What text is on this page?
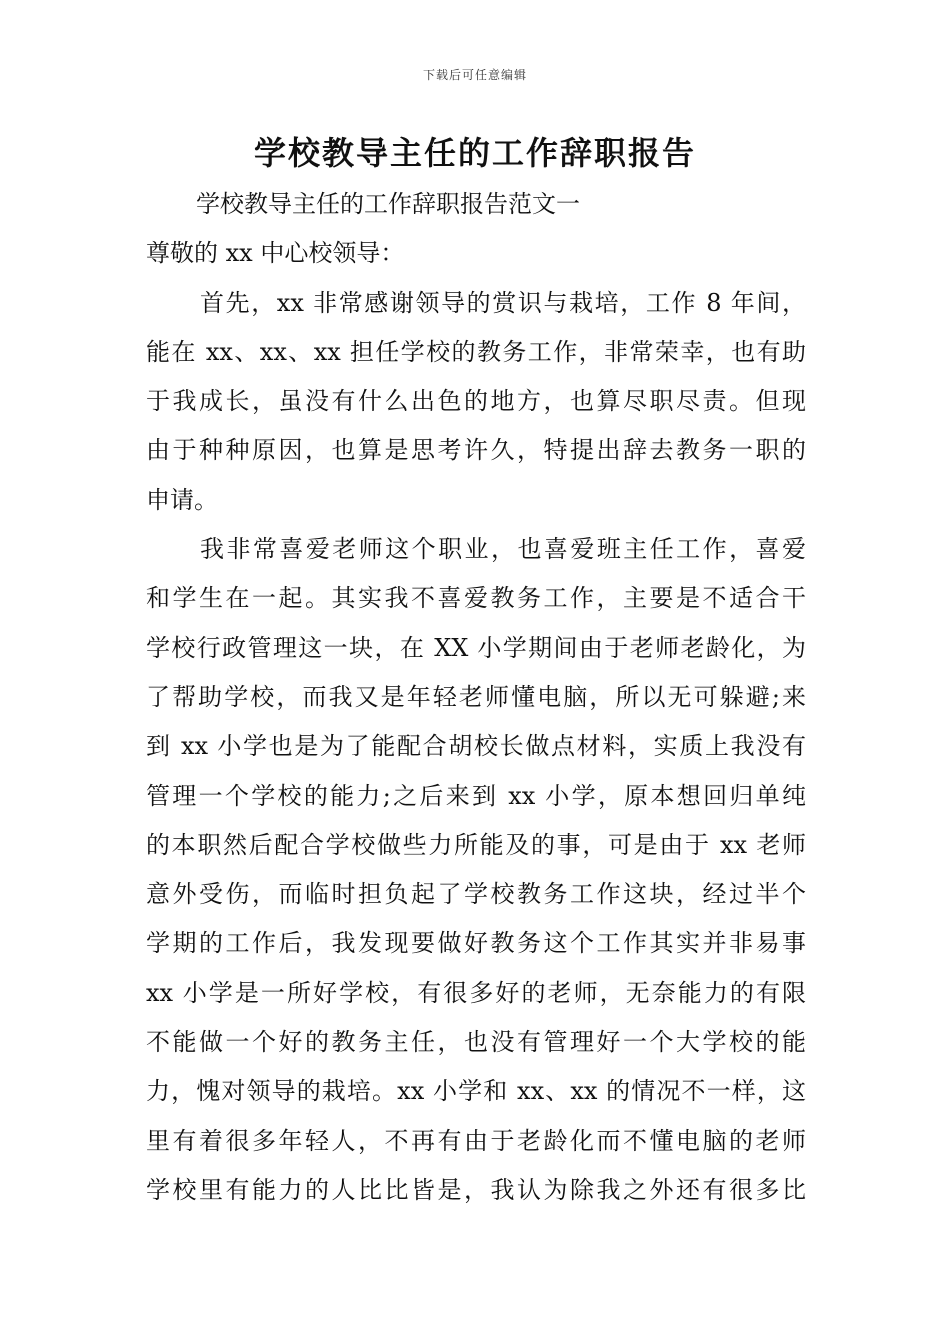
下载后可任意编辑
学校教导主任的工作辞职报告
学校教导主任的工作辞职报告范文一
尊敬的 xx 中心校领导：
首先，xx 非常感谢领导的赏识与栽培，工作 8 年间，
能在 xx、xx、xx 担任学校的教务工作，非常荣幸，也有助
于我成长，虽没有什么出色的地方，也算尽职尽责。但现
由于种种原因，也算是思考许久，特提出辞去教务一职的
申请。
我非常喜爱老师这个职业，也喜爱班主任工作，喜爱
和学生在一起。其实我不喜爱教务工作，主要是不适合干
学校行政管理这一块，在 XX 小学期间由于老师老龄化，为
了帮助学校，而我又是年轻老师懂电脑，所以无可躲避;来
到 xx 小学也是为了能配合胡校长做点材料，实质上我没有
管理一个学校的能力;之后来到 xx 小学，原本想回归单纯
的本职然后配合学校做些力所能及的事，可是由于 xx 老师
意外受伤，而临时担负起了学校教务工作这块，经过半个
学期的工作后，我发现要做好教务这个工作其实并非易事
xx 小学是一所好学校，有很多好的老师，无奈能力的有限
不能做一个好的教务主任，也没有管理好一个大学校的能
力，愧对领导的栽培。xx 小学和 xx、xx 的情况不一样，这
里有着很多年轻人，不再有由于老龄化而不懂电脑的老师
学校里有能力的人比比皆是，我认为除我之外还有很多比
